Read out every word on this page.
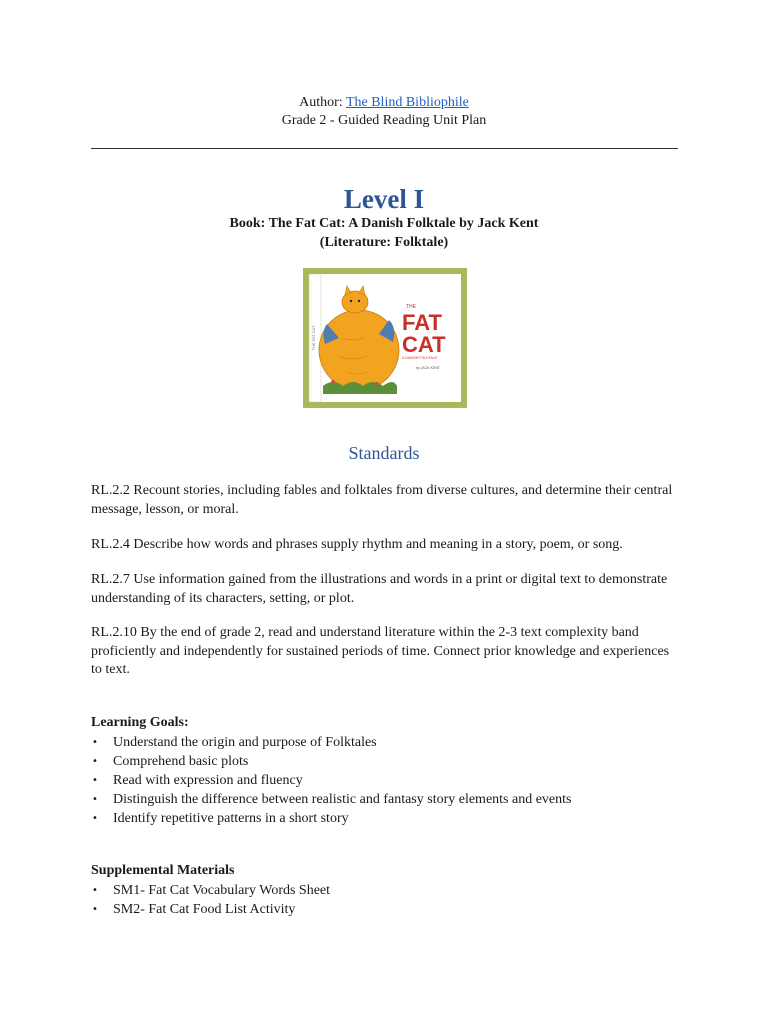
Author: The Blind Bibliophile
Grade 2 - Guided Reading Unit Plan
Level I
Book: The Fat Cat: A Danish Folktale by Jack Kent
(Literature: Folktale)
THE FAT CAT
THE
FAT
CAT
A DANISH FOLKTALE
by JACK KENT
Standards
RL.2.2 Recount stories, including fables and folktales from diverse cultures, and determine their central message, lesson, or moral.
RL.2.4 Describe how words and phrases supply rhythm and meaning in a story, poem, or song.
RL.2.7 Use information gained from the illustrations and words in a print or digital text to demonstrate understanding of its characters, setting, or plot.
RL.2.10 By the end of grade 2, read and understand literature within the 2-3 text complexity band proficiently and independently for sustained periods of time. Connect prior knowledge and experiences to text.
Learning Goals:
• Understand the origin and purpose of Folktales
• Comprehend basic plots
• Read with expression and fluency
• Distinguish the difference between realistic and fantasy story elements and events
• Identify repetitive patterns in a short story
Supplemental Materials
• SM1- Fat Cat Vocabulary Words Sheet
• SM2- Fat Cat Food List Activity
